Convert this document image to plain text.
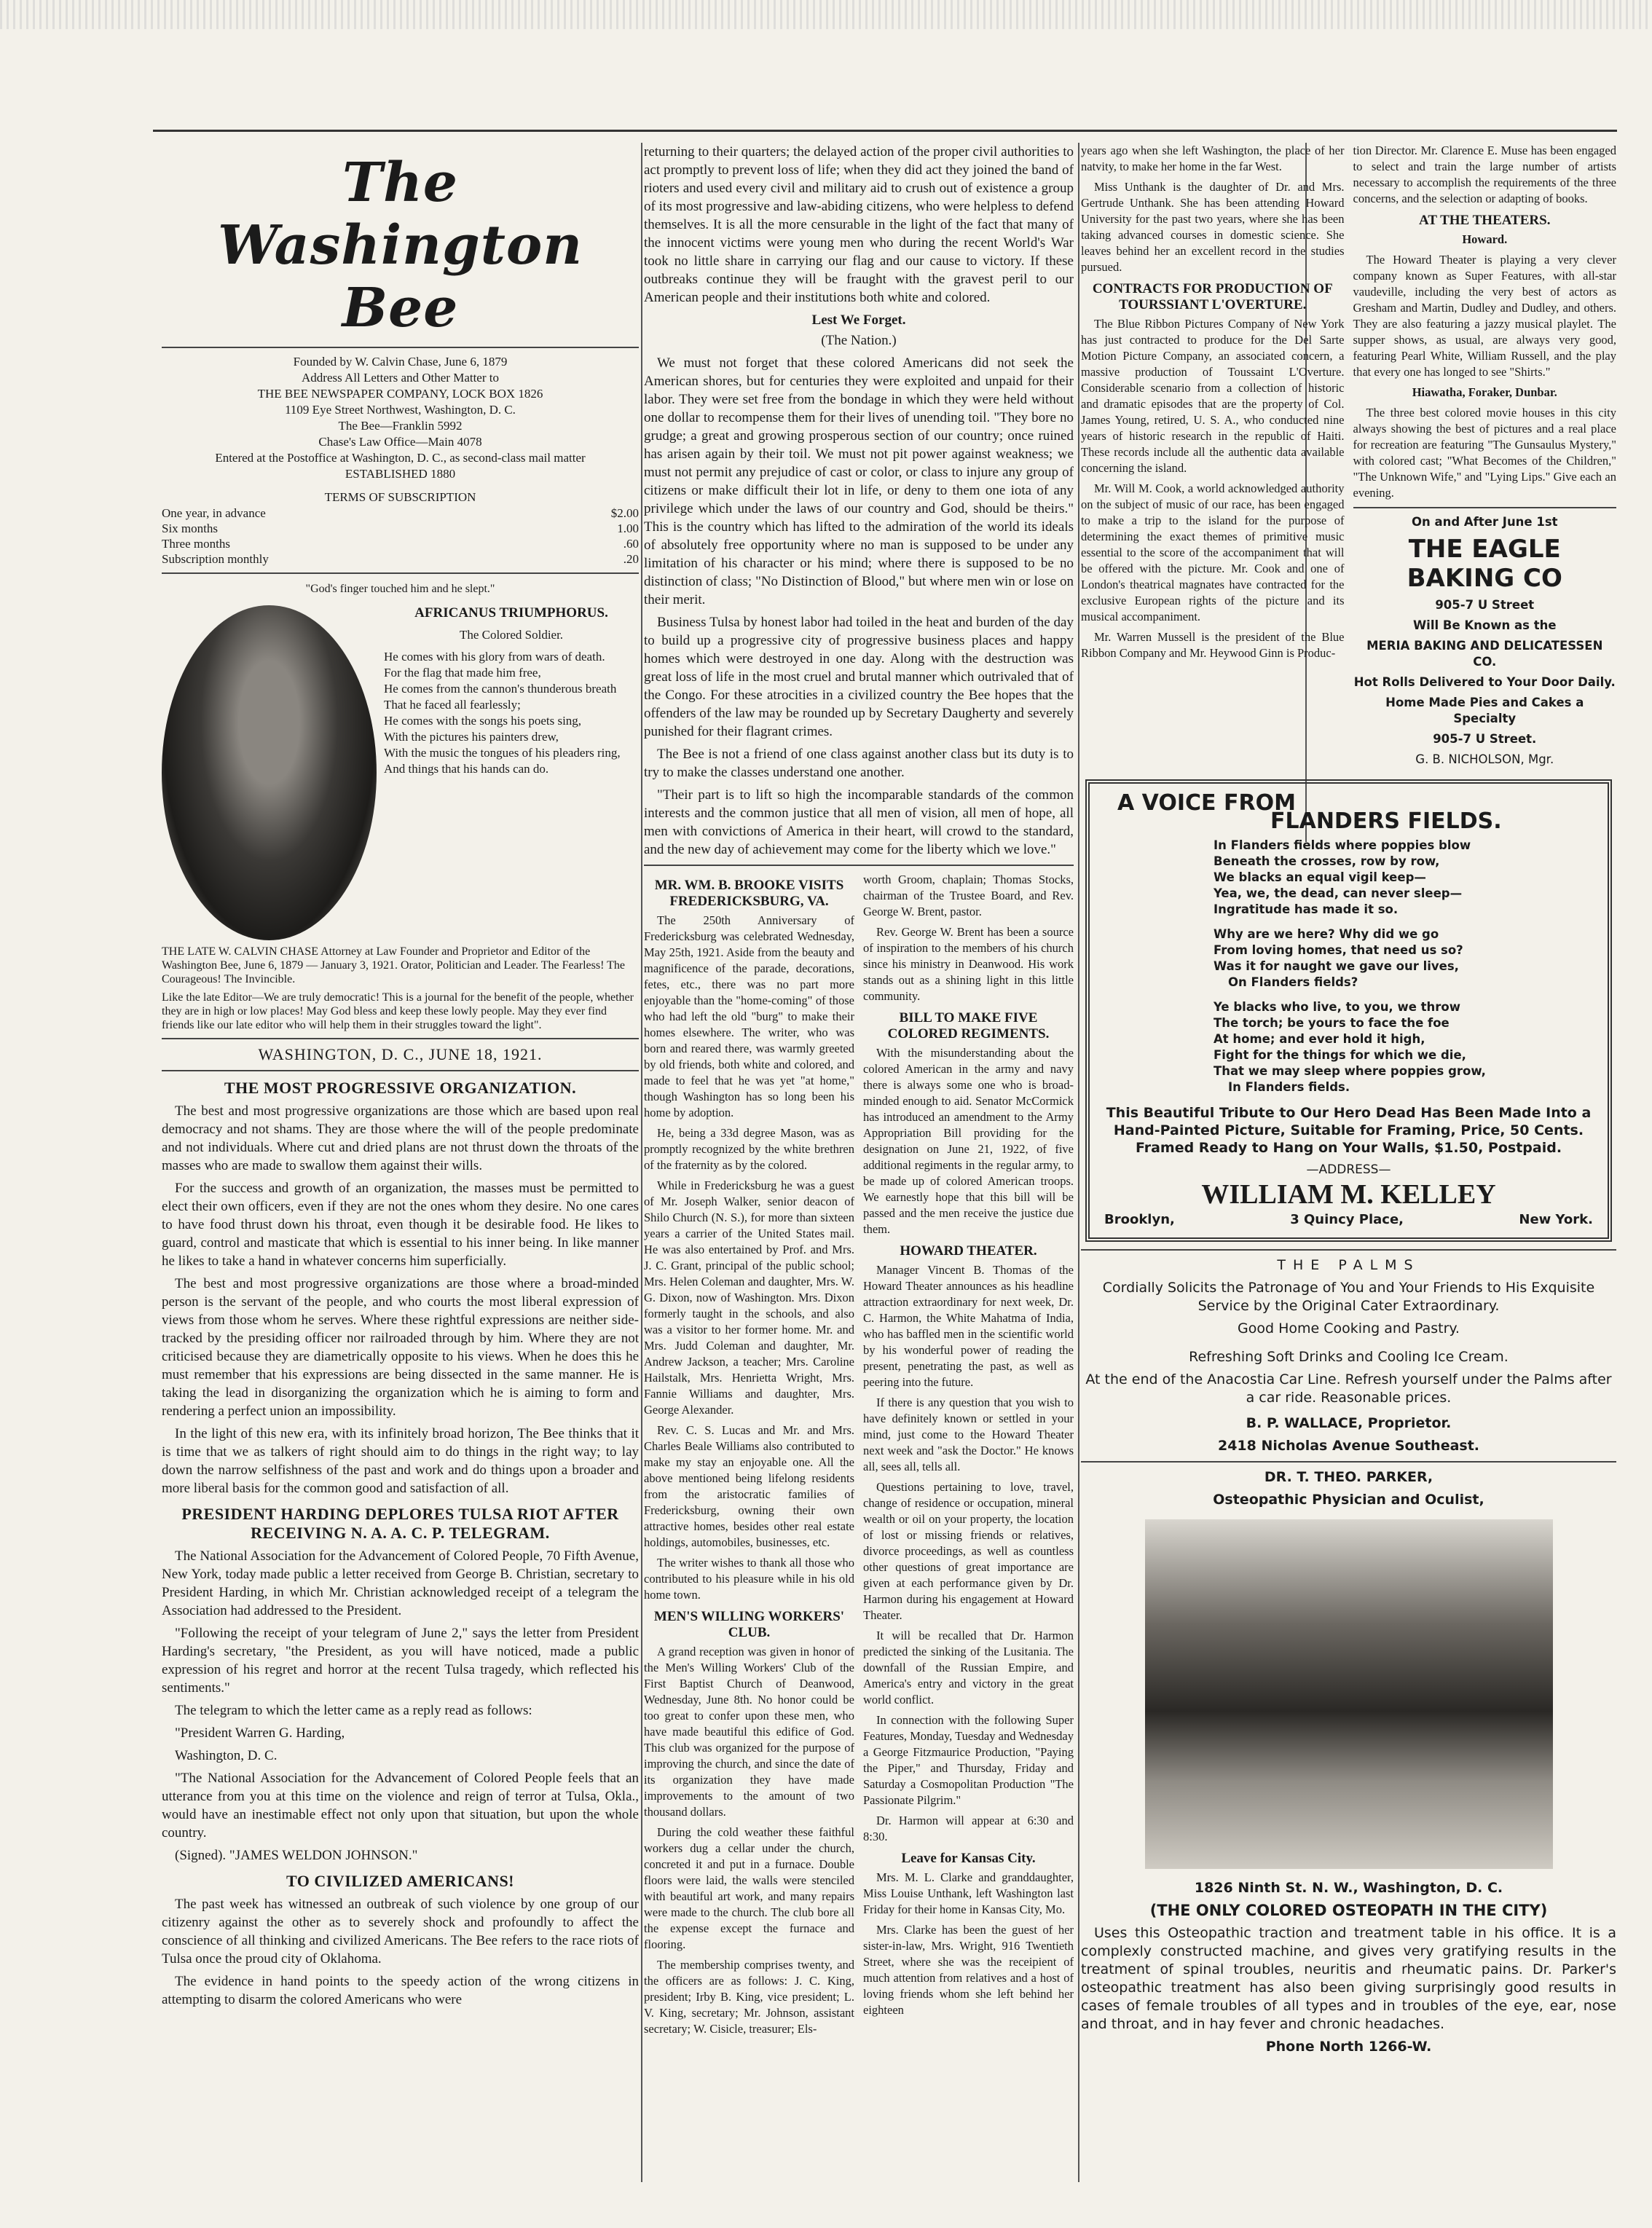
The Washington Bee

Founded by W. Calvin Chase, June 6, 1879

Address All Letters and Other Matter to

THE BEE NEWSPAPER COMPANY, LOCK BOX 1826

1109 Eye Street Northwest, Washington, D. C.

The Bee—Franklin 5992

Chase's Law Office—Main 4078

Entered at the Postoffice at Washington, D. C., as second-class mail matter

ESTABLISHED 1880

TERMS OF SUBSCRIPTION

One year, in advance	$2.00
Six months	1.00
Three months	.60
Subscription monthly	.20

"God's finger touched him and he slept."

AFRICANUS TRIUMPHORUS.
The Colored Soldier.
He comes with his glory from wars of death.
For the flag that made him free,
He comes from the cannon's thunderous breath
That he faced all fearlessly;
He comes with the songs his poets sing,
With the pictures his painters drew,
With the music the tongues of his pleaders ring,
And things that his hands can do.
THE LATE W. CALVIN CHASE Attorney at Law Founder and Proprietor and Editor of the Washington Bee, June 6, 1879 — January 3, 1921. Orator, Politician and Leader. The Fearless! The Courageous! The Invincible.
Like the late Editor—We are truly democratic! This is a journal for the benefit of the people, whether they are in high or low places! May God bless and keep these lowly people. May they ever find friends like our late editor who will help them in their struggles toward the light".
WASHINGTON, D. C., JUNE 18, 1921.
THE MOST PROGRESSIVE ORGANIZATION.

The best and most progressive organizations are those which are based upon real democracy and not shams. They are those where the will of the people predominate and not individuals. Where cut and dried plans are not thrust down the throats of the masses who are made to swallow them against their wills.

For the success and growth of an organization, the masses must be permitted to elect their own officers, even if they are not the ones whom they desire. No one cares to have food thrust down his throat, even though it be desirable food. He likes to guard, control and masticate that which is essential to his inner being. In like manner he likes to take a hand in whatever concerns him superficially.

The best and most progressive organizations are those where a broad-minded person is the servant of the people, and who courts the most liberal expression of views from those whom he serves. Where these rightful expressions are neither side-tracked by the presiding officer nor railroaded through by him. Where they are not criticised because they are diametrically opposite to his views. When he does this he must remember that his expressions are being dissected in the same manner. He is taking the lead in disorganizing the organization which he is aiming to form and rendering a perfect union an impossibility.

In the light of this new era, with its infinitely broad horizon, The Bee thinks that it is time that we as talkers of right should aim to do things in the right way; to lay down the narrow selfishness of the past and work and do things upon a broader and more liberal basis for the common good and satisfaction of all.

PRESIDENT HARDING DEPLORES TULSA RIOT AFTER RECEIVING N. A. A. C. P. TELEGRAM.

The National Association for the Advancement of Colored People, 70 Fifth Avenue, New York, today made public a letter received from George B. Christian, secretary to President Harding, in which Mr. Christian acknowledged receipt of a telegram the Association had addressed to the President.

"Following the receipt of your telegram of June 2," says the letter from President Harding's secretary, "the President, as you will have noticed, made a public expression of his regret and horror at the recent Tulsa tragedy, which reflected his sentiments."

The telegram to which the letter came as a reply read as follows:

"President Warren G. Harding,

Washington, D. C.

"The National Association for the Advancement of Colored People feels that an utterance from you at this time on the violence and reign of terror at Tulsa, Okla., would have an inestimable effect not only upon that situation, but upon the whole country.

(Signed). "JAMES WELDON JOHNSON."

TO CIVILIZED AMERICANS!

The past week has witnessed an outbreak of such violence by one group of our citizenry against the other as to severely shock and profoundly to affect the conscience of all thinking and civilized Americans. The Bee refers to the race riots of Tulsa once the proud city of Oklahoma.

The evidence in hand points to the speedy action of the wrong citizens in attempting to disarm the colored Americans who were

returning to their quarters; the delayed action of the proper civil authorities to act promptly to prevent loss of life; when they did act they joined the band of rioters and used every civil and military aid to crush out of existence a group of its most progressive and law-abiding citizens, who were helpless to defend themselves. It is all the more censurable in the light of the fact that many of the innocent victims were young men who during the recent World's War took no little share in carrying our flag and our cause to victory. If these outbreaks continue they will be fraught with the gravest peril to our American people and their institutions both white and colored.

Lest We Forget.

(The Nation.)

We must not forget that these colored Americans did not seek the American shores, but for centuries they were exploited and unpaid for their labor. They were set free from the bondage in which they were held without one dollar to recompense them for their lives of unending toil. "They bore no grudge; a great and growing prosperous section of our country; once ruined has arisen again by their toil. We must not pit power against weakness; we must not permit any prejudice of cast or color, or class to injure any group of citizens or make difficult their lot in life, or deny to them one iota of any privilege which under the laws of our country and God, should be theirs." This is the country which has lifted to the admiration of the world its ideals of absolutely free opportunity where no man is supposed to be under any limitation of his character or his mind; where there is supposed to be no distinction of class; "No Distinction of Blood," but where men win or lose on their merit.

Business Tulsa by honest labor had toiled in the heat and burden of the day to build up a progressive city of progressive business places and happy homes which were destroyed in one day. Along with the destruction was great loss of life in the most cruel and brutal manner which outrivaled that of the Congo. For these atrocities in a civilized country the Bee hopes that the offenders of the law may be rounded up by Secretary Daugherty and severely punished for their flagrant crimes.

The Bee is not a friend of one class against another class but its duty is to try to make the classes understand one another.

"Their part is to lift so high the incomparable standards of the common interests and the common justice that all men of vision, all men of hope, all men with convictions of America in their heart, will crowd to the standard, and the new day of achievement may come for the liberty which we love."

MR. WM. B. BROOKE VISITS FREDERICKSBURG, VA.

The 250th Anniversary of Fredericksburg was celebrated Wednesday, May 25th, 1921. Aside from the beauty and magnificence of the parade, decorations, fetes, etc., there was no part more enjoyable than the "home-coming" of those who had left the old "burg" to make their homes elsewhere. The writer, who was born and reared there, was warmly greeted by old friends, both white and colored, and made to feel that he was yet "at home," though Washington has so long been his home by adoption.

He, being a 33d degree Mason, was as promptly recognized by the white brethren of the fraternity as by the colored.

While in Fredericksburg he was a guest of Mr. Joseph Walker, senior deacon of Shilo Church (N. S.), for more than sixteen years a carrier of the United States mail. He was also entertained by Prof. and Mrs. J. C. Grant, principal of the public school; Mrs. Helen Coleman and daughter, Mrs. W. G. Dixon, now of Washington. Mrs. Dixon formerly taught in the schools, and also was a visitor to her former home. Mr. and Mrs. Judd Coleman and daughter, Mr. Andrew Jackson, a teacher; Mrs. Caroline Hailstalk, Mrs. Henrietta Wright, Mrs. Fannie Williams and daughter, Mrs. George Alexander.

Rev. C. S. Lucas and Mr. and Mrs. Charles Beale Williams also contributed to make my stay an enjoyable one. All the above mentioned being lifelong residents from the aristocratic families of Fredericksburg, owning their own attractive homes, besides other real estate holdings, automobiles, businesses, etc.

The writer wishes to thank all those who contributed to his pleasure while in his old home town.

MEN'S WILLING WORKERS' CLUB.

A grand reception was given in honor of the Men's Willing Workers' Club of the First Baptist Church of Deanwood, Wednesday, June 8th. No honor could be too great to confer upon these men, who have made beautiful this edifice of God. This club was organized for the purpose of improving the church, and since the date of its organization they have made improvements to the amount of two thousand dollars.

During the cold weather these faithful workers dug a cellar under the church, concreted it and put in a furnace. Double floors were laid, the walls were stenciled with beautiful art work, and many repairs were made to the church. The club bore all the expense except the furnace and flooring.

The membership comprises twenty, and the officers are as follows: J. C. King, president; Irby B. King, vice president; L. V. King, secretary; Mr. Johnson, assistant secretary; W. Cisicle, treasurer; Els-

worth Groom, chaplain; Thomas Stocks, chairman of the Trustee Board, and Rev. George W. Brent, pastor.

Rev. George W. Brent has been a source of inspiration to the members of his church since his ministry in Deanwood. His work stands out as a shining light in this little community.

BILL TO MAKE FIVE COLORED REGIMENTS.

With the misunderstanding about the colored American in the army and navy there is always some one who is broad-minded enough to aid. Senator McCormick has introduced an amendment to the Army Appropriation Bill providing for the designation on June 21, 1922, of five additional regiments in the regular army, to be made up of colored American troops. We earnestly hope that this bill will be passed and the men receive the justice due them.

HOWARD THEATER.

Manager Vincent B. Thomas of the Howard Theater announces as his headline attraction extraordinary for next week, Dr. C. Harmon, the White Mahatma of India, who has baffled men in the scientific world by his wonderful power of reading the present, penetrating the past, as well as peering into the future.

If there is any question that you wish to have definitely known or settled in your mind, just come to the Howard Theater next week and "ask the Doctor." He knows all, sees all, tells all.

Questions pertaining to love, travel, change of residence or occupation, mineral wealth or oil on your property, the location of lost or missing friends or relatives, divorce proceedings, as well as countless other questions of great importance are given at each performance given by Dr. Harmon during his engagement at Howard Theater.

It will be recalled that Dr. Harmon predicted the sinking of the Lusitania. The downfall of the Russian Empire, and America's entry and victory in the great world conflict.

In connection with the following Super Features, Monday, Tuesday and Wednesday a George Fitzmaurice Production, "Paying the Piper," and Thursday, Friday and Saturday a Cosmopolitan Production "The Passionate Pilgrim."

Dr. Harmon will appear at 6:30 and 8:30.

Leave for Kansas City.

Mrs. M. L. Clarke and granddaughter, Miss Louise Unthank, left Washington last Friday for their home in Kansas City, Mo.

Mrs. Clarke has been the guest of her sister-in-law, Mrs. Wright, 916 Twentieth Street, where she was the receipient of much attention from relatives and a host of loving friends whom she left behind her eighteen

years ago when she left Washington, the place of her natvity, to make her home in the far West.

Miss Unthank is the daughter of Dr. and Mrs. Gertrude Unthank. She has been attending Howard University for the past two years, where she has been taking advanced courses in domestic science. She leaves behind her an excellent record in the studies pursued.

CONTRACTS FOR PRODUCTION OF TOURSSIANT L'OVERTURE.

The Blue Ribbon Pictures Company of New York has just contracted to produce for the Del Sarte Motion Picture Company, an associated concern, a massive production of Toussaint L'Overture. Considerable scenario from a collection of historic and dramatic episodes that are the property of Col. James Young, retired, U. S. A., who conducted nine years of historic research in the republic of Haiti. These records include all the authentic data available concerning the island.

Mr. Will M. Cook, a world acknowledged authority on the subject of music of our race, has been engaged to make a trip to the island for the purpose of determining the exact themes of primitive music essential to the score of the accompaniment that will be offered with the picture. Mr. Cook and one of London's theatrical magnates have contracted for the exclusive European rights of the picture and its musical accompaniment.

Mr. Warren Mussell is the president of the Blue Ribbon Company and Mr. Heywood Ginn is Produc-

tion Director. Mr. Clarence E. Muse has been engaged to select and train the large number of artists necessary to accomplish the requirements of the three concerns, and the selection or adapting of books.

AT THE THEATERS.

Howard.

The Howard Theater is playing a very clever company known as Super Features, with all-star vaudeville, including the very best of actors as Gresham and Martin, Dudley and Dudley, and others. They are also featuring a jazzy musical playlet. The supper shows, as usual, are always very good, featuring Pearl White, William Russell, and the play that every one has longed to see "Shirts."

Hiawatha, Foraker, Dunbar.

The three best colored movie houses in this city always showing the best of pictures and a real place for recreation are featuring "The Gunsaulus Mystery," with colored cast; "What Becomes of the Children," "The Unknown Wife," and "Lying Lips." Give each an evening.

On and After June 1st

THE EAGLE BAKING CO

905-7 U Street

Will Be Known as the

MERIA BAKING AND DELICATESSEN CO.

Hot Rolls Delivered to Your Door Daily.

Home Made Pies and Cakes a Specialty

905-7 U Street.

G. B. NICHOLSON, Mgr.

A VOICE FROM

FLANDERS FIELDS.

In Flanders fields where poppies blow
Beneath the crosses, row by row,
We blacks an equal vigil keep—
Yea, we, the dead, can never sleep—
Ingratitude has made it so.
Why are we here? Why did we go
From loving homes, that need us so?
Was it for naught we gave our lives,
On Flanders fields?
Ye blacks who live, to you, we throw
The torch; be yours to face the foe
At home; and ever hold it high,
Fight for the things for which we die,
That we may sleep where poppies grow,
In Flanders fields.
This Beautiful Tribute to Our Hero Dead Has Been Made Into a Hand-Painted Picture, Suitable for Framing, Price, 50 Cents. Framed Ready to Hang on Your Walls, $1.50, Postpaid.
—ADDRESS—
WILLIAM M. KELLEY
Brooklyn,	3 Quincy Place,	New York.

THE PALMS

Cordially Solicits the Patronage of You and Your Friends to His Exquisite Service by the Original Cater Extraordinary.

Good Home Cooking and Pastry.

Refreshing Soft Drinks and Cooling Ice Cream.

At the end of the Anacostia Car Line. Refresh yourself under the Palms after a car ride. Reasonable prices.

B. P. WALLACE, Proprietor.

2418 Nicholas Avenue Southeast.

DR. T. THEO. PARKER,

Osteopathic Physician and Oculist,

1826 Ninth St. N. W., Washington, D. C.

(THE ONLY COLORED OSTEOPATH IN THE CITY)

Uses this Osteopathic traction and treatment table in his office. It is a complexly constructed machine, and gives very gratifying results in the treatment of spinal troubles, neuritis and rheumatic pains. Dr. Parker's osteopathic treatment has also been giving surprisingly good results in cases of female troubles of all types and in troubles of the eye, ear, nose and throat, and in hay fever and chronic headaches.

Phone North 1266-W.
